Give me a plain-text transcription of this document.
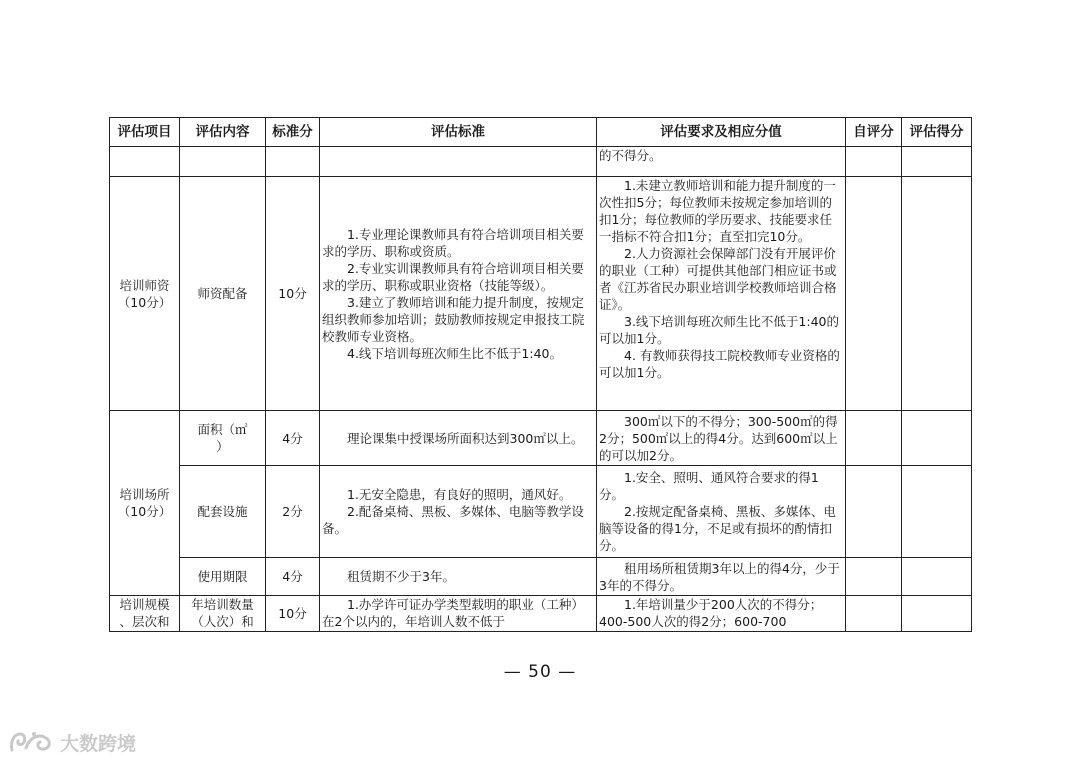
评估项目	评估内容	标准分	评估标准	评估要求及相应分值	自评分	评估得分

				的不得分。		

培训师资
（10分）	师资配备	10分	1.专业理论课教师具有符合培训项目相关要求的学历、职称或资质。
2.专业实训课教师具有符合培训项目相关要求的学历、职称或职业资格（技能等级）。
3.建立了教师培训和能力提升制度，按规定组织教师参加培训；鼓励教师按规定申报技工院校教师专业资格。
4.线下培训每班次师生比不低于1:40。	1.未建立教师培训和能力提升制度的一次性扣5分；每位教师未按规定参加培训的扣1分；每位教师的学历要求、技能要求任一指标不符合扣1分；直至扣完10分。
2.人力资源社会保障部门没有开展评价的职业（工种）可提供其他部门相应证书或者《江苏省民办职业培训学校教师培训合格证》。
3.线下培训每班次师生比不低于1:40的可以加1分。
4. 有教师获得技工院校教师专业资格的可以加1分。		

培训场所
（10分）	面积（㎡
）	4分	理论课集中授课场所面积达到300㎡以上。	300㎡以下的不得分；300-500㎡的得2分；500㎡以上的得4分。达到600㎡以上的可以加2分。		

	配套设施	2分	1.无安全隐患，有良好的照明，通风好。
2.配备桌椅、黑板、多媒体、电脑等教学设备。	1.安全、照明、通风符合要求的得1分。
2.按规定配备桌椅、黑板、多媒体、电脑等设备的得1分，不足或有损坏的酌情扣分。		

	使用期限	4分	租赁期不少于3年。	租用场所租赁期3年以上的得4分，少于3年的不得分。		

培训规模
、层次和	年培训数量
（人次）和	10分	1.办学许可证办学类型载明的职业（工种）在2个以内的，年培训人数不低于	1.年培训量少于200人次的不得分； 400-500人次的得2分；600-700		

— 50 —
大数跨境
